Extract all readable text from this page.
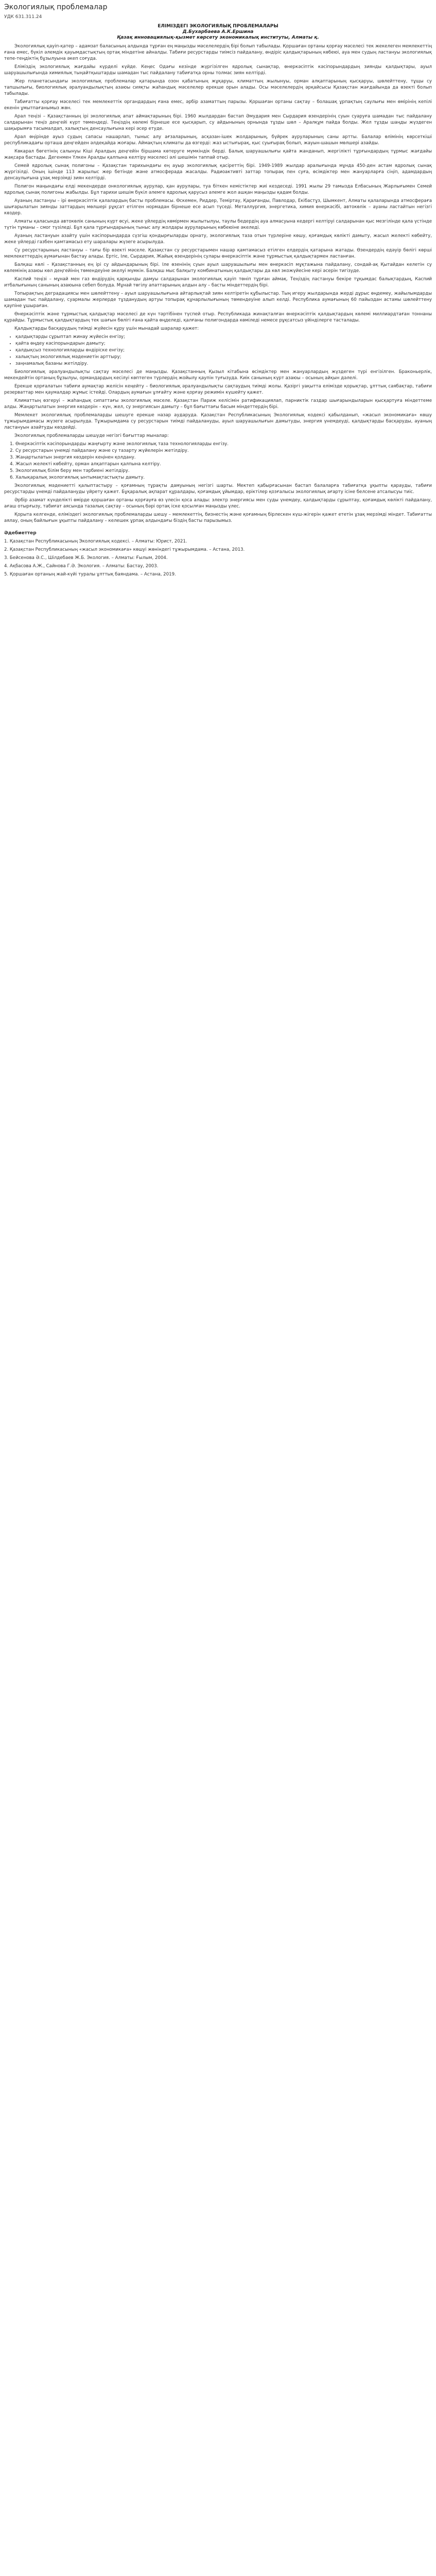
Экологиялық проблемалар
УДК 631.311.24
ЕЛІМІЗДЕГІ ЭКОЛОГИЯЛЫҚ ПРОБЛЕМАЛАРЫ
Д.Бухарбаева А.К.Ершина
Қазақ инновациялық-қызмет көрсету экономикалық институты, Алматы қ.

Экологиялық қауіп-қатер – адамзат баласының алдында тұрған ең маңызды мәселелердің бірі болып табылады. Қоршаған ортаны қорғау мәселесі тек жекелеген мемлекеттің ғана емес, бүкіл әлемдік қауымдастықтың ортақ міндетіне айналды. Табиғи ресурстарды тиімсіз пайдалану, өндіріс қалдықтарының көбеюі, ауа мен судың ластануы экологиялық тепе-теңдіктің бұзылуына әкеп соғуда.

Еліміздің экологиялық жағдайы күрделі күйде. Кеңес Одағы кезінде жүргізілген ядролық сынақтар, өнеркәсіптік кәсіпорындардың зиянды қалдықтары, ауыл шаруашылығында химиялық тыңайтқыштарды шамадан тыс пайдалану табиғатқа орны толмас зиян келтірді.

Жер планетасындағы экологиялық проблемалар қатарында озон қабатының жұқаруы, климаттың жылынуы, орман алқаптарының қысқаруы, шөлейттену, тұщы су тапшылығы, биологиялық әралуандылықтың азаюы сияқты жаһандық мәселелер ерекше орын алады. Осы мәселелердің әрқайсысы Қазақстан жағдайында да өзекті болып табылады.

Табиғатты қорғау мәселесі тек мемлекеттік органдардың ғана емес, әрбір азаматтың парызы. Қоршаған ортаны сақтау – болашақ ұрпақтың саулығы мен өмірінің кепілі екенін ұмытпағанымыз жөн.

Арал теңізі – Қазақстанның ірі экологиялық апат аймақтарының бірі. 1960 жылдардан бастап Әмудария мен Сырдария өзендерінің суын суаруға шамадан тыс пайдалану салдарынан теңіз деңгейі күрт төмендеді. Теңіздің көлемі бірнеше есе қысқарып, су айдынының орнында тұзды шөл – Аралқұм пайда болды. Жел тұзды шаңды жүздеген шақырымға тасымалдап, халықтың денсаулығына кері әсер етуде.

Арал өңірінде ауыз судың сапасы нашарлап, тыныс алу ағзаларының, асқазан-ішек жолдарының, бүйрек ауруларының саны артты. Балалар өлімінің көрсеткіші республикадағы орташа деңгейден әлдеқайда жоғары. Аймақтың климаты да өзгерді: жаз ыстығырақ, қыс суығырақ болып, жауын-шашын мөлшері азайды.

Көкарал бөгетінің салынуы Кіші Аралдың деңгейін біршама көтеруге мүмкіндік берді. Балық шаруашылығы қайта жанданып, жергілікті тұрғындардың тұрмыс жағдайы жақсара бастады. Дегенмен Үлкен Аралды қалпына келтіру мәселесі әлі шешімін таппай отыр.

Семей ядролық сынақ полигоны – Қазақстан тарихындағы ең ауыр экологиялық қасіреттің бірі. 1949-1989 жылдар аралығында мұнда 450-ден астам ядролық сынақ жүргізілді. Оның ішінде 113 жарылыс жер бетінде және атмосферада жасалды. Радиоактивті заттар топырақ пен суға, өсімдіктер мен жануарларға сіңіп, адамдардың денсаулығына ұзақ мерзімді зиян келтірді.

Полигон маңындағы елді мекендерде онкологиялық аурулар, қан аурулары, туа біткен кемістіктер жиі кездеседі. 1991 жылы 29 тамызда Елбасының Жарлығымен Семей ядролық сынақ полигоны жабылды. Бұл тарихи шешім бүкіл әлемге ядролық қарусыз әлемге жол ашқан маңызды қадам болды.

Ауаның ластануы – ірі өнеркәсіптік қалалардың басты проблемасы. Өскемен, Риддер, Теміртау, Қарағанды, Павлодар, Екібастұз, Шымкент, Алматы қалаларында атмосфераға шығарылатын зиянды заттардың мөлшері рұқсат етілген нормадан бірнеше есе асып түседі. Металлургия, энергетика, химия өнеркәсібі, автокөлік – ауаны ластайтын негізгі көздер.

Алматы қаласында автокөлік санының күрт өсуі, жеке үйлердің көмірмен жылытылуы, таулы бедердің ауа алмасуына кедергі келтіруі салдарынан қыс мезгілінде қала үстінде түтін тұманы – смог түзіледі. Бұл қала тұрғындарының тыныс алу жолдары ауруларының көбеюіне әкеледі.

Ауаның ластануын азайту үшін кәсіпорындарда сүзгіш қондырғыларды орнату, экологиялық таза отын түрлеріне көшу, қоғамдық көлікті дамыту, жасыл желекті көбейту, жеке үйлерді газбен қамтамасыз ету шаралары жүзеге асырылуда.

Су ресурстарының ластануы – тағы бір өзекті мәселе. Қазақстан су ресурстарымен нашар қамтамасыз етілген елдердің қатарына жатады. Өзендердің едәуір бөлігі көрші мемлекеттердің аумағынан бастау алады. Ертіс, Іле, Сырдария, Жайық өзендерінің сулары өнеркәсіптік және тұрмыстық қалдықтармен ластанған.

Балқаш көлі – Қазақстанның ең ірі су айдындарының бірі. Іле өзенінің суын ауыл шаруашылығы мен өнеркәсіп мұқтажына пайдалану, сондай-ақ Қытайдан келетін су көлемінің азаюы көл деңгейінің төмендеуіне әкелуі мүмкін. Балқаш мыс балқыту комбинатының қалдықтары да көл экожүйесіне кері әсерін тигізуде.

Каспий теңізі – мұнай мен газ өндірудің қарқынды дамуы салдарынан экологиялық қауіп төніп тұрған аймақ. Теңіздің ластануы бекіре тұқымдас балықтардың, Каспий итбалығының санының азаюына себеп болуда. Мұнай төгілу апаттарының алдын алу – басты міндеттердің бірі.

Топырақтың деградациясы мен шөлейттену – ауыл шаруашылығына айтарлықтай зиян келтіретін құбылыстар. Тың игеру жылдарында жерді дұрыс өңдемеу, жайылымдарды шамадан тыс пайдалану, суармалы жерлерде тұзданудың артуы топырақ құнарлылығының төмендеуіне алып келді. Республика аумағының 60 пайыздан астамы шөлейттену қаупіне ұшыраған.

Өнеркәсіптік және тұрмыстық қалдықтар мәселесі де күн тәртібінен түспей отыр. Республикада жинақталған өнеркәсіптік қалдықтардың көлемі миллиардтаған тоннаны құрайды. Тұрмыстық қалдықтардың тек шағын бөлігі ғана қайта өңделеді, қалғаны полигондарда көміледі немесе рұқсатсыз үйінділерге тасталады.

Қалдықтарды басқарудың тиімді жүйесін құру үшін мынадай шаралар қажет:

• қалдықтарды сұрыптап жинау жүйесін енгізу;
• қайта өңдеу кәсіпорындарын дамыту;
• қалдықсыз технологияларды өндіріске енгізу;
• халықтың экологиялық мәдениетін арттыру;
• заңнамалық базаны жетілдіру.

Биологиялық әралуандылықты сақтау мәселесі де маңызды. Қазақстанның Қызыл кітабына өсімдіктер мен жануарлардың жүздеген түрі енгізілген. Браконьерлік, мекендейтін ортаның бұзылуы, ормандардың кесілуі көптеген түрлердің жойылу қаупін туғызуда. Киік санының күрт азаюы – осының айқын дәлелі.

Ерекше қорғалатын табиғи аумақтар желісін кеңейту – биологиялық әралуандылықты сақтаудың тиімді жолы. Қазіргі уақытта елімізде қорықтар, ұлттық саябақтар, табиғи резерваттар мен қаумалдар жұмыс істейді. Олардың аумағын ұлғайту және қорғау режимін күшейту қажет.

Климаттың өзгеруі – жаһандық сипаттағы экологиялық мәселе. Қазақстан Париж келісімін ратификациялап, парниктік газдар шығарындыларын қысқартуға міндеттеме алды. Жаңартылатын энергия көздерін – күн, жел, су энергиясын дамыту – бұл бағыттағы басым міндеттердің бірі.

Мемлекет экологиялық проблемаларды шешуге ерекше назар аударуда. Қазақстан Республикасының Экологиялық кодексі қабылданып, «жасыл экономикаға» көшу тұжырымдамасы жүзеге асырылуда. Тұжырымдама су ресурстарын тиімді пайдалануды, ауыл шаруашылығын дамытуды, энергия үнемдеуді, қалдықтарды басқаруды, ауаның ластануын азайтуды көздейді.

Экологиялық проблемаларды шешуде негізгі бағыттар мыналар:

1. Өнеркәсіптік кәсіпорындарды жаңғырту және экологиялық таза технологияларды енгізу.
2. Су ресурстарын үнемді пайдалану және су тазарту жүйелерін жетілдіру.
3. Жаңартылатын энергия көздерін кеңінен қолдану.
4. Жасыл желекті көбейту, орман алқаптарын қалпына келтіру.
5. Экологиялық білім беру мен тәрбиені жетілдіру.
6. Халықаралық экологиялық ынтымақтастықты дамыту.

Экологиялық мәдениетті қалыптастыру – қоғамның тұрақты дамуының негізгі шарты. Мектеп қабырғасынан бастап балаларға табиғатқа ұқыпты қарауды, табиғи ресурстарды үнемді пайдалануды үйрету қажет. Бұқаралық ақпарат құралдары, қоғамдық ұйымдар, еріктілер қозғалысы экологиялық ағарту ісіне белсене атсалысуы тиіс.

Әрбір азамат күнделікті өмірде қоршаған ортаны қорғауға өз үлесін қоса алады: электр энергиясы мен суды үнемдеу, қалдықтарды сұрыптау, қоғамдық көлікті пайдалану, ағаш отырғызу, табиғат аясында тазалық сақтау – осының бәрі ортақ іске қосылған маңызды үлес.

Қорыта келгенде, еліміздегі экологиялық проблемаларды шешу – мемлекеттің, бизнестің және қоғамның бірлескен күш-жігерін қажет ететін ұзақ мерзімді міндет. Табиғатты аялау, оның байлығын ұқыпты пайдалану – келешек ұрпақ алдындағы біздің басты парызымыз.

Әдебиеттер

1. Қазақстан Республикасының Экологиялық кодексі. – Алматы: Юрист, 2021.

2. Қазақстан Республикасының «жасыл экономикаға» көшуі жөніндегі тұжырымдама. – Астана, 2013.

3. Бейсенова Ә.С., Шілдебаев Ж.Б. Экология. – Алматы: Ғылым, 2004.

4. Ақбасова А.Ж., Сайнова Г.Ә. Экология. – Алматы: Бастау, 2003.

5. Қоршаған ортаның жай-күйі туралы ұлттық баяндама. – Астана, 2019.
